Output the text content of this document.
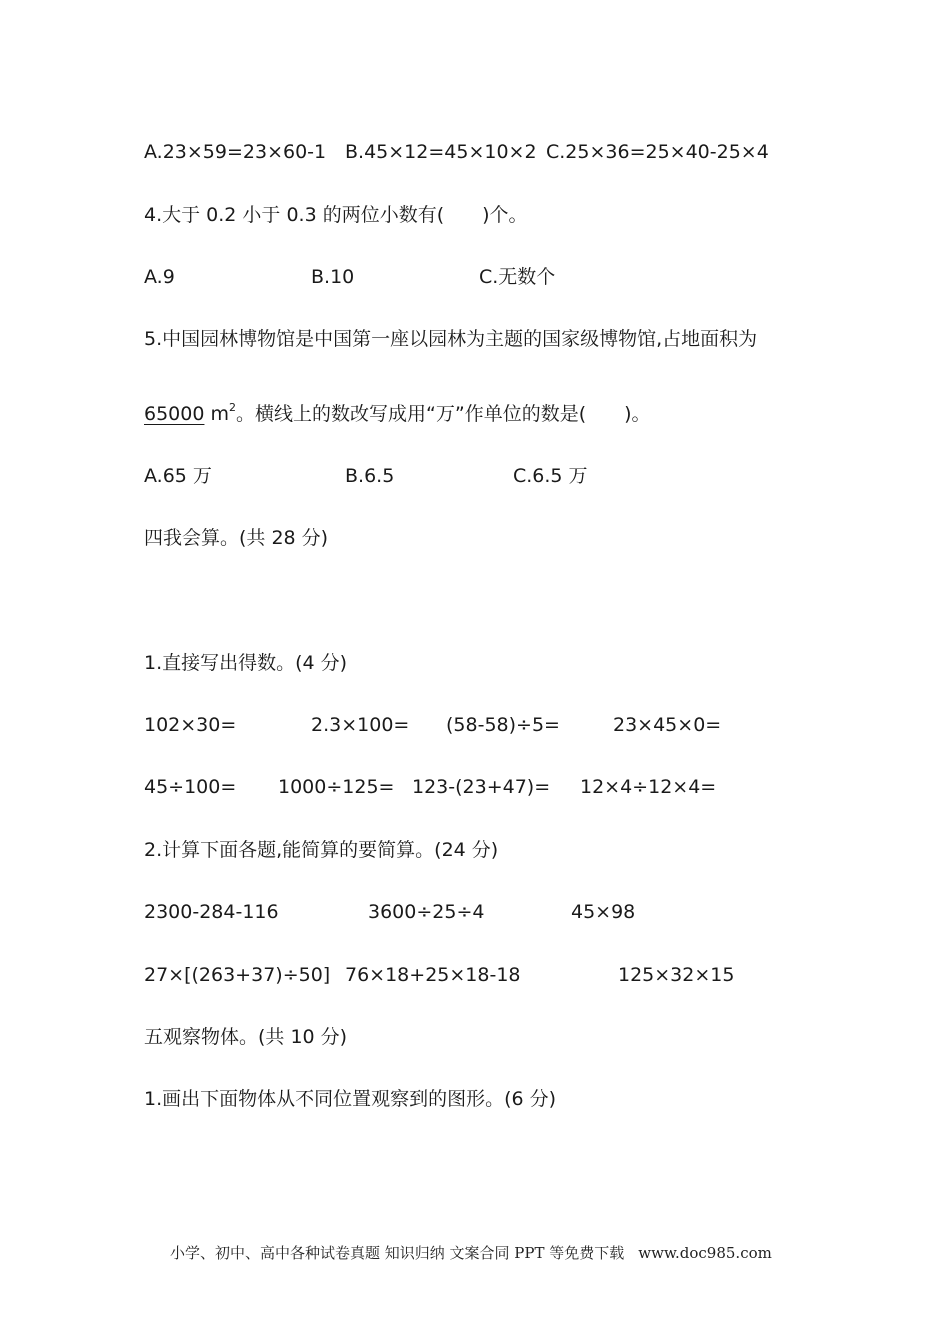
A.23×59=23×60-1 B.45×12=45×10×2 C.25×36=25×40-25×4
4.大于 0.2 小于 0.3 的两位小数有(　　)个。
A.9	B.10	C.无数个
5.中国园林博物馆是中国第一座以园林为主题的国家级博物馆,占地面积为
65000 $m^2$。横线上的数改写成用“万”作单位的数是(　　)。
A.65 万	B.6.5	C.6.5 万
四我会算。(共 28 分)
1.直接写出得数。(4 分)
102×30=	2.3×100= (58-58)÷5=	23×45×0=
45÷100= 1000÷125= 123-(23+47)= 12×4÷12×4=
2.计算下面各题,能简算的要简算。(24 分)
2300-284-116	3600÷25÷4	45×98
27×[(263+37)÷50] 76×18+25×18-18	125×32×15
五观察物体。(共 10 分)
1.画出下面物体从不同位置观察到的图形。(6 分)
小学、初中、高中各种试卷真题 知识归纳 文案合同 PPT 等免费下载 www.doc985.com
